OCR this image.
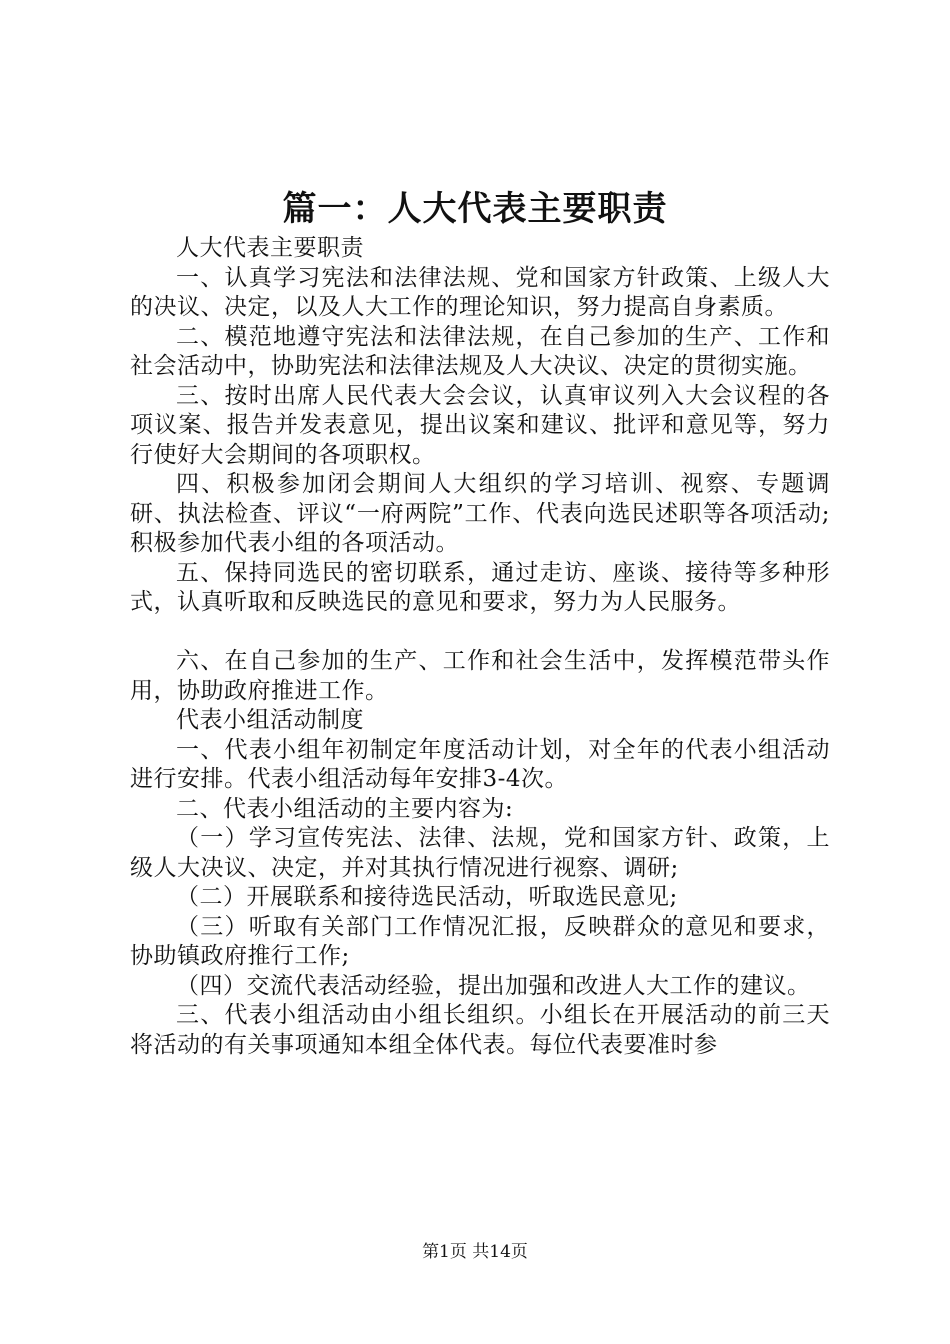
篇一：人大代表主要职责

人大代表主要职责

一、认真学习宪法和法律法规、党和国家方针政策、上级人大的决议、决定，以及人大工作的理论知识，努力提高自身素质。

二、模范地遵守宪法和法律法规，在自己参加的生产、工作和社会活动中，协助宪法和法律法规及人大决议、决定的贯彻实施。

三、按时出席人民代表大会会议，认真审议列入大会议程的各项议案、报告并发表意见，提出议案和建议、批评和意见等，努力行使好大会期间的各项职权。

四、积极参加闭会期间人大组织的学习培训、视察、专题调研、执法检查、评议“一府两院”工作、代表向选民述职等各项活动;积极参加代表小组的各项活动。

五、保持同选民的密切联系，通过走访、座谈、接待等多种形式，认真听取和反映选民的意见和要求，努力为人民服务。

六、在自己参加的生产、工作和社会生活中，发挥模范带头作用，协助政府推进工作。

代表小组活动制度

一、代表小组年初制定年度活动计划，对全年的代表小组活动进行安排。代表小组活动每年安排3-4次。

二、代表小组活动的主要内容为:

（一）学习宣传宪法、法律、法规，党和国家方针、政策，上级人大决议、决定，并对其执行情况进行视察、调研;

（二）开展联系和接待选民活动，听取选民意见;

（三）听取有关部门工作情况汇报，反映群众的意见和要求，协助镇政府推行工作;

（四）交流代表活动经验，提出加强和改进人大工作的建议。

三、代表小组活动由小组长组织。小组长在开展活动的前三天将活动的有关事项通知本组全体代表。每位代表要准时参

第1页 共14页
